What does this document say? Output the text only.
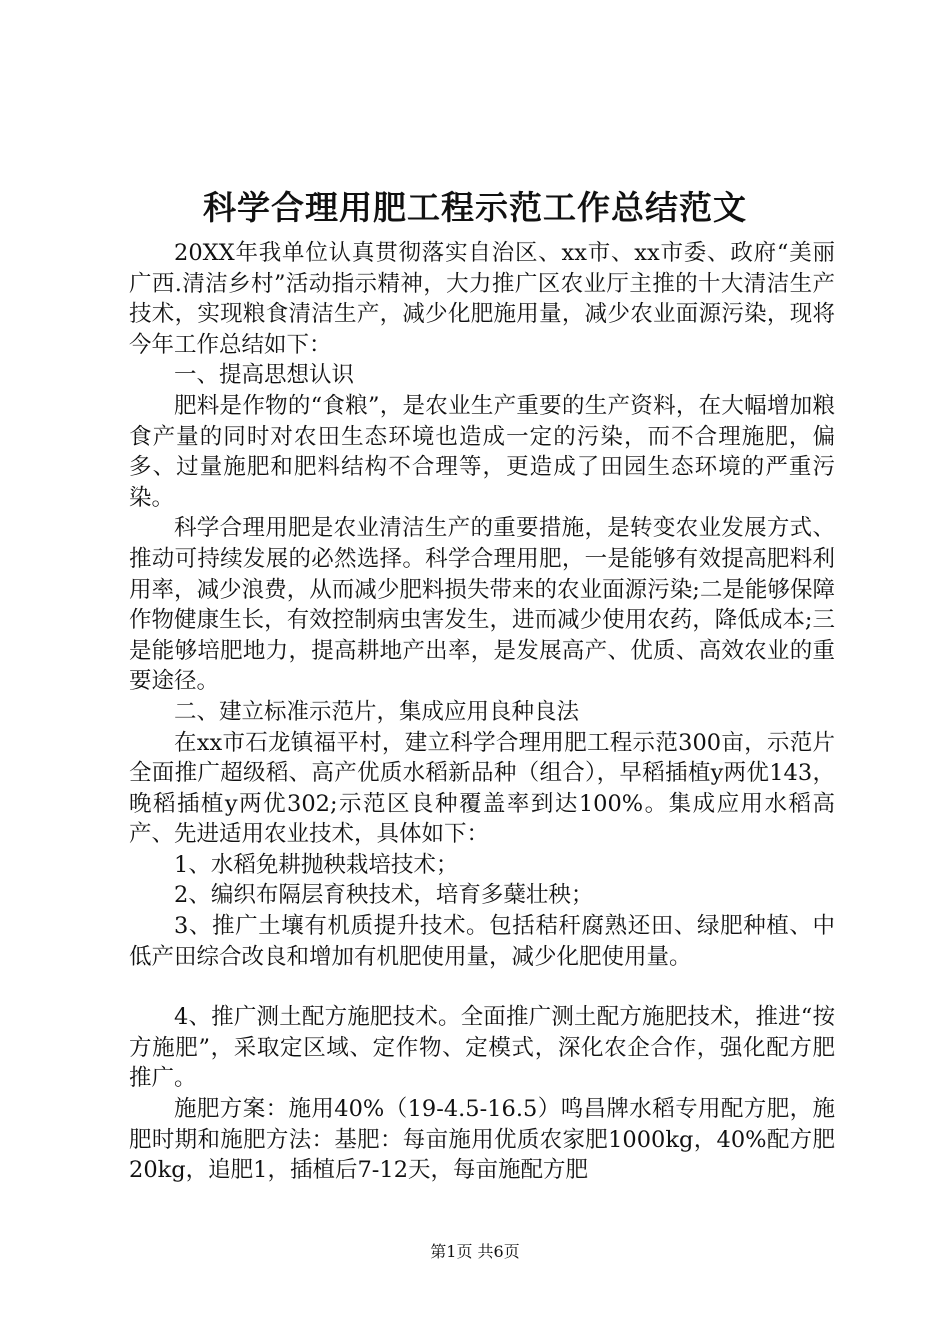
科学合理用肥工程示范工作总结范文

20XX年我单位认真贯彻落实自治区、xx市、xx市委、政府“美丽广西.清洁乡村”活动指示精神，大力推广区农业厅主推的十大清洁生产技术，实现粮食清洁生产，减少化肥施用量，减少农业面源污染，现将今年工作总结如下：

一、提高思想认识

肥料是作物的“食粮”，是农业生产重要的生产资料，在大幅增加粮食产量的同时对农田生态环境也造成一定的污染，而不合理施肥，偏多、过量施肥和肥料结构不合理等，更造成了田园生态环境的严重污染。

科学合理用肥是农业清洁生产的重要措施，是转变农业发展方式、推动可持续发展的必然选择。科学合理用肥，一是能够有效提高肥料利用率，减少浪费，从而减少肥料损失带来的农业面源污染;二是能够保障作物健康生长，有效控制病虫害发生，进而减少使用农药，降低成本;三是能够培肥地力，提高耕地产出率，是发展高产、优质、高效农业的重要途径。

二、建立标准示范片，集成应用良种良法

在xx市石龙镇福平村，建立科学合理用肥工程示范300亩，示范片全面推广超级稻、高产优质水稻新品种（组合），早稻插植y两优143，晚稻插植y两优302;示范区良种覆盖率到达100%。集成应用水稻高产、先进适用农业技术，具体如下：

1、水稻免耕抛秧栽培技术；

2、编织布隔层育秧技术，培育多蘖壮秧；

3、推广土壤有机质提升技术。包括秸秆腐熟还田、绿肥种植、中低产田综合改良和增加有机肥使用量，减少化肥使用量。

4、推广测土配方施肥技术。全面推广测土配方施肥技术，推进“按方施肥”，采取定区域、定作物、定模式，深化农企合作，强化配方肥推广。

施肥方案：施用40%（19-4.5-16.5）鸣昌牌水稻专用配方肥，施肥时期和施肥方法：基肥：每亩施用优质农家肥1000kg，40%配方肥20kg，追肥1，插植后7-12天，每亩施配方肥

第1页 共6页
